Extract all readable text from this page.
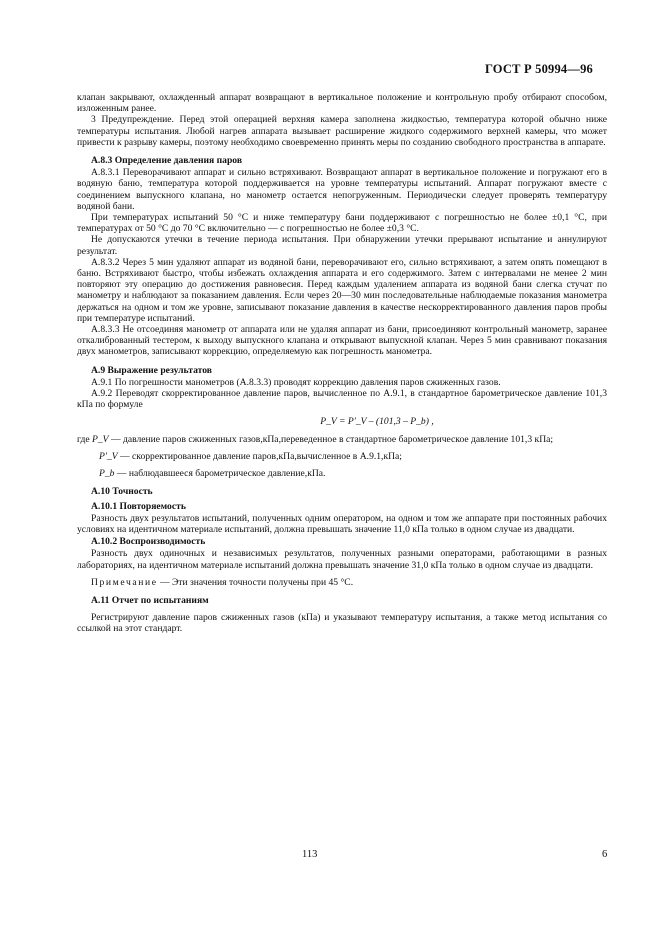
ГОСТ Р 50994—96

клапан закрывают, охлажденный аппарат возвращают в вертикальное положение и контрольную пробу отбирают способом, изложенным ранее.

3 Предупреждение. Перед этой операцией верхняя камера заполнена жидкостью, температура которой обычно ниже температуры испытания. Любой нагрев аппарата вызывает расширение жидкого содержимого верхней камеры, что может привести к разрыву камеры, поэтому необходимо своевременно принять меры по созданию свободного пространства в аппарате.

А.8.3 Определение давления паров

А.8.3.1 Переворачивают аппарат и сильно встряхивают. Возвращают аппарат в вертикальное положение и погружают его в водяную баню, температура которой поддерживается на уровне температуры испытаний. Аппарат погружают вместе с соединением выпускного клапана, но манометр остается непогруженным. Периодически следует проверять температуру водяной бани.

При температурах испытаний 50 °С и ниже температуру бани поддерживают с погрешностью не более ±0,1 °С, при температурах от 50 °С до 70 °С включительно — с погрешностью не более ±0,3 °С.

Не допускаются утечки в течение периода испытания. При обнаружении утечки прерывают испытание и аннулируют результат.

А.8.3.2 Через 5 мин удаляют аппарат из водяной бани, переворачивают его, сильно встряхивают, а затем опять помещают в баню. Встряхивают быстро, чтобы избежать охлаждения аппарата и его содержимого. Затем с интервалами не менее 2 мин повторяют эту операцию до достижения равновесия. Перед каждым удалением аппарата из водяной бани слегка стучат по манометру и наблюдают за показанием давления. Если через 20—30 мин последовательные наблюдаемые показания манометра держаться на одном и том же уровне, записывают показание давления в качестве нескорректированного давления паров пробы при температуре испытаний.

А.8.3.3 Не отсоединяя манометр от аппарата или не удаляя аппарат из бани, присоединяют контрольный манометр, заранее откалиброванный тестером, к выходу выпускного клапана и открывают выпускной клапан. Через 5 мин сравнивают показания двух манометров, записывают коррекцию, определяемую как погрешность манометра.

А.9 Выражение результатов

А.9.1 По погрешности манометров (А.8.3.3) проводят коррекцию давления паров сжиженных газов.

А.9.2 Переводят скорректированное давление паров, вычисленное по А.9.1, в стандартное барометрическое давление 101,3 кПа по формуле

P_V = P′_V – (101,3 – P_b) ,

где P_V — давление паров сжиженных газов,кПа,переведенное в стандартное барометрическое давление 101,3 кПа;

P′_V — скорректированное давление паров,кПа,вычисленное в А.9.1,кПа;

P_b — наблюдавшееся барометрическое давление,кПа.

А.10 Точность

А.10.1 Повторяемость

Разность двух результатов испытаний, полученных одним оператором, на одном и том же аппарате при постоянных рабочих условиях на идентичном материале испытаний, должна превышать значение 11,0 кПа только в одном случае из двадцати.

А.10.2 Воспроизводимость

Разность двух одиночных и независимых результатов, полученных разными операторами, работающими в разных лабораториях, на идентичном материале испытаний должна превышать значение 31,0 кПа только в одном случае из двадцати.

Примечание — Эти значения точности получены при 45 °С.

А.11 Отчет по испытаниям

Регистрируют давление паров сжиженных газов (кПа) и указывают температуру испытания, а также метод испытания со ссылкой на этот стандарт.

113	6
